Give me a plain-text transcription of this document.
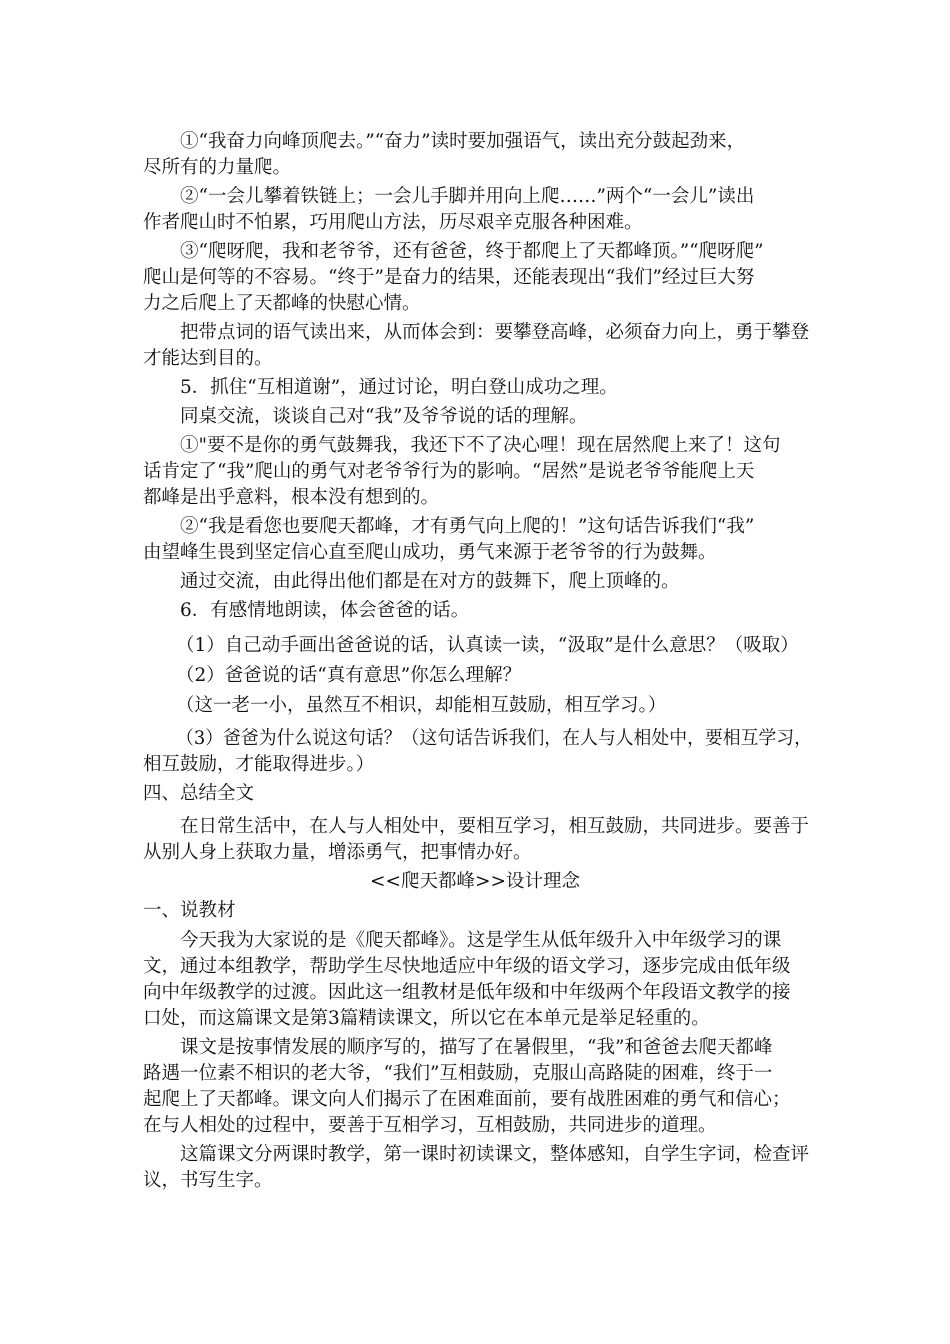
①“我奋力向峰顶爬去。”“奋力”读时要加强语气，读出充分鼓起劲来，
尽所有的力量爬。
②“一会儿攀着铁链上；一会儿手脚并用向上爬……”两个“一会儿”读出
作者爬山时不怕累，巧用爬山方法，历尽艰辛克服各种困难。
③“爬呀爬，我和老爷爷，还有爸爸，终于都爬上了天都峰顶。”“爬呀爬”
爬山是何等的不容易。“终于”是奋力的结果，还能表现出“我们”经过巨大努
力之后爬上了天都峰的快慰心情。
把带点词的语气读出来，从而体会到：要攀登高峰，必须奋力向上，勇于攀登
才能达到目的。
5．抓住“互相道谢”，通过讨论，明白登山成功之理。
同桌交流，谈谈自己对“我”及爷爷说的话的理解。
①"要不是你的勇气鼓舞我，我还下不了决心哩！现在居然爬上来了！这句
话肯定了“我”爬山的勇气对老爷爷行为的影响。“居然”是说老爷爷能爬上天
都峰是出乎意料，根本没有想到的。
②“我是看您也要爬天都峰，才有勇气向上爬的！”这句话告诉我们“我”
由望峰生畏到坚定信心直至爬山成功，勇气来源于老爷爷的行为鼓舞。
通过交流，由此得出他们都是在对方的鼓舞下，爬上顶峰的。
6．有感情地朗读，体会爸爸的话。
（1）自己动手画出爸爸说的话，认真读一读，“汲取”是什么意思？（吸取）
（2）爸爸说的话“真有意思”你怎么理解？
（这一老一小，虽然互不相识，却能相互鼓励，相互学习。）
（3）爸爸为什么说这句话？（这句话告诉我们，在人与人相处中，要相互学习，
相互鼓励，才能取得进步。）
四、总结全文
在日常生活中，在人与人相处中，要相互学习，相互鼓励，共同进步。要善于
从别人身上获取力量，增添勇气，把事情办好。
<<爬天都峰>>设计理念
一、说教材
今天我为大家说的是《爬天都峰》。这是学生从低年级升入中年级学习的课
文，通过本组教学，帮助学生尽快地适应中年级的语文学习，逐步完成由低年级
向中年级教学的过渡。因此这一组教材是低年级和中年级两个年段语文教学的接
口处，而这篇课文是第3篇精读课文，所以它在本单元是举足轻重的。
课文是按事情发展的顺序写的，描写了在暑假里，“我”和爸爸去爬天都峰
路遇一位素不相识的老大爷，“我们”互相鼓励，克服山高路陡的困难，终于一
起爬上了天都峰。课文向人们揭示了在困难面前，要有战胜困难的勇气和信心；
在与人相处的过程中，要善于互相学习，互相鼓励，共同进步的道理。
这篇课文分两课时教学，第一课时初读课文，整体感知，自学生字词，检查评
议，书写生字。
